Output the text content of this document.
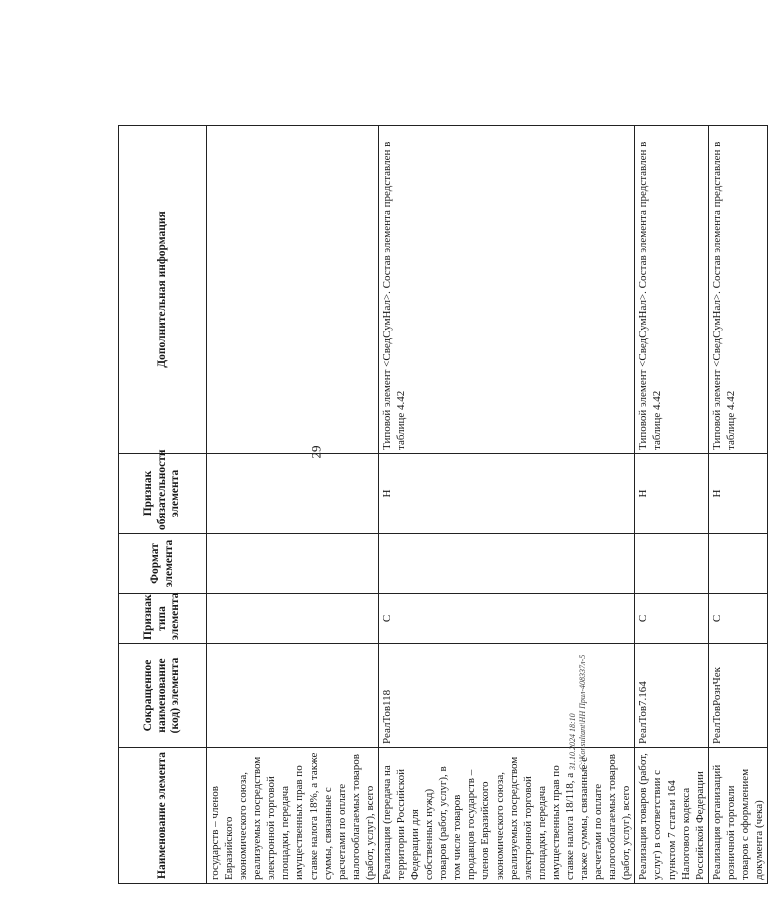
29
Наименование элемента	Сокращенное наименование (код) элемента	Признак типа элемента	Формат элемента	Признак обязательности элемента	Дополнительная информация
государств – членов Евразийского экономического союза, реализуемых посредством электронной торговой площадки, передача имущественных прав по ставке налога 18%, а также суммы, связанные с расчетами по оплате налогооблагаемых товаров (работ, услуг), всего					
Реализация (передача на территории Российской Федерации для собственных нужд) товаров (работ, услуг), в том числе товаров продавцов государств – членов Евразийского экономического союза, реализуемых посредством электронной торговой площадки, передача имущественных прав по ставке налога 18/118, а также суммы, связанные с расчетами по оплате налогооблагаемых товаров (работ, услуг), всего	РеалТов118	С		Н	Типовой элемент <СведСумНал>. Состав элемента представлен в таблице 4.42
Реализация товаров (работ, услуг) в соответствии с пунктом 7 статьи 164 Налогового кодекса Российской Федерации	РеалТов7.164	С		Н	Типовой элемент <СведСумНал>. Состав элемента представлен в таблице 4.42
Реализация организаций розничной торговли товаров с оформлением документа (чека)	РеалТовРознЧек	С		Н	Типовой элемент <СведСумНал>. Состав элемента представлен в таблице 4.42
31.10.2024 18:10 С:\Konsultant\НН Прил-408337л-5
